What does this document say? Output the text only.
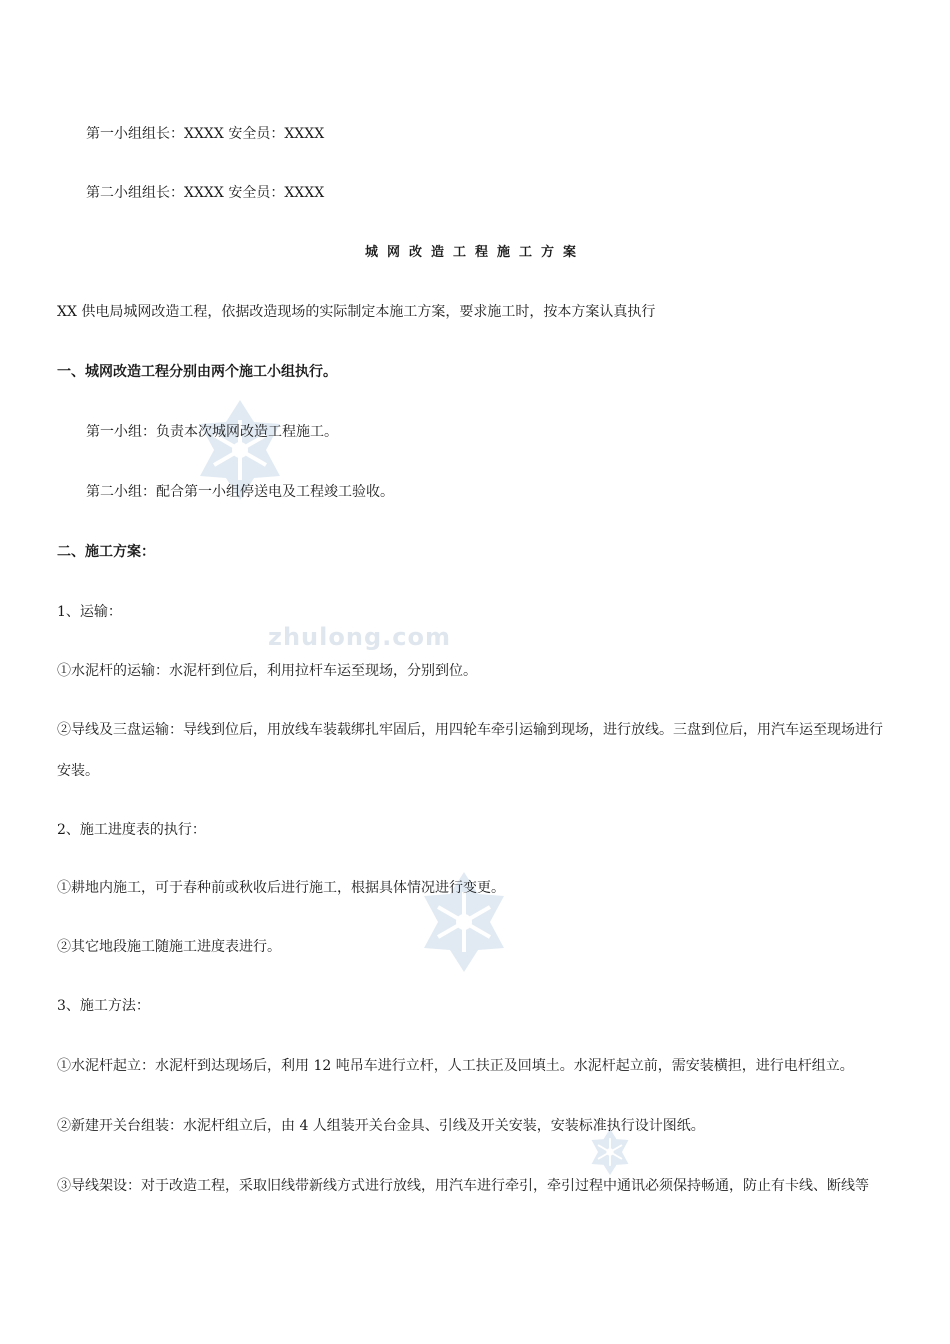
zhulong.com
第一小组组长：XXXX 安全员：XXXX
第二小组组长：XXXX 安全员：XXXX
城网改造工程施工方案
XX 供电局城网改造工程，依据改造现场的实际制定本施工方案，要求施工时，按本方案认真执行
一、城网改造工程分别由两个施工小组执行。
第一小组：负责本次城网改造工程施工。
第二小组：配合第一小组停送电及工程竣工验收。
二、施工方案：
1、运输：
①水泥杆的运输：水泥杆到位后，利用拉杆车运至现场，分别到位。
②导线及三盘运输：导线到位后，用放线车装载绑扎牢固后，用四轮车牵引运输到现场，进行放线。三盘到位后，用汽车运至现场进行安装。
2、施工进度表的执行：
①耕地内施工，可于春种前或秋收后进行施工，根据具体情况进行变更。
②其它地段施工随施工进度表进行。
3、施工方法：
①水泥杆起立：水泥杆到达现场后，利用 12 吨吊车进行立杆，人工扶正及回填土。水泥杆起立前，需安装横担，进行电杆组立。
②新建开关台组装：水泥杆组立后，由 4 人组装开关台金具、引线及开关安装，安装标准执行设计图纸。
③导线架设：对于改造工程，采取旧线带新线方式进行放线，用汽车进行牵引，牵引过程中通讯必须保持畅通，防止有卡线、断线等
